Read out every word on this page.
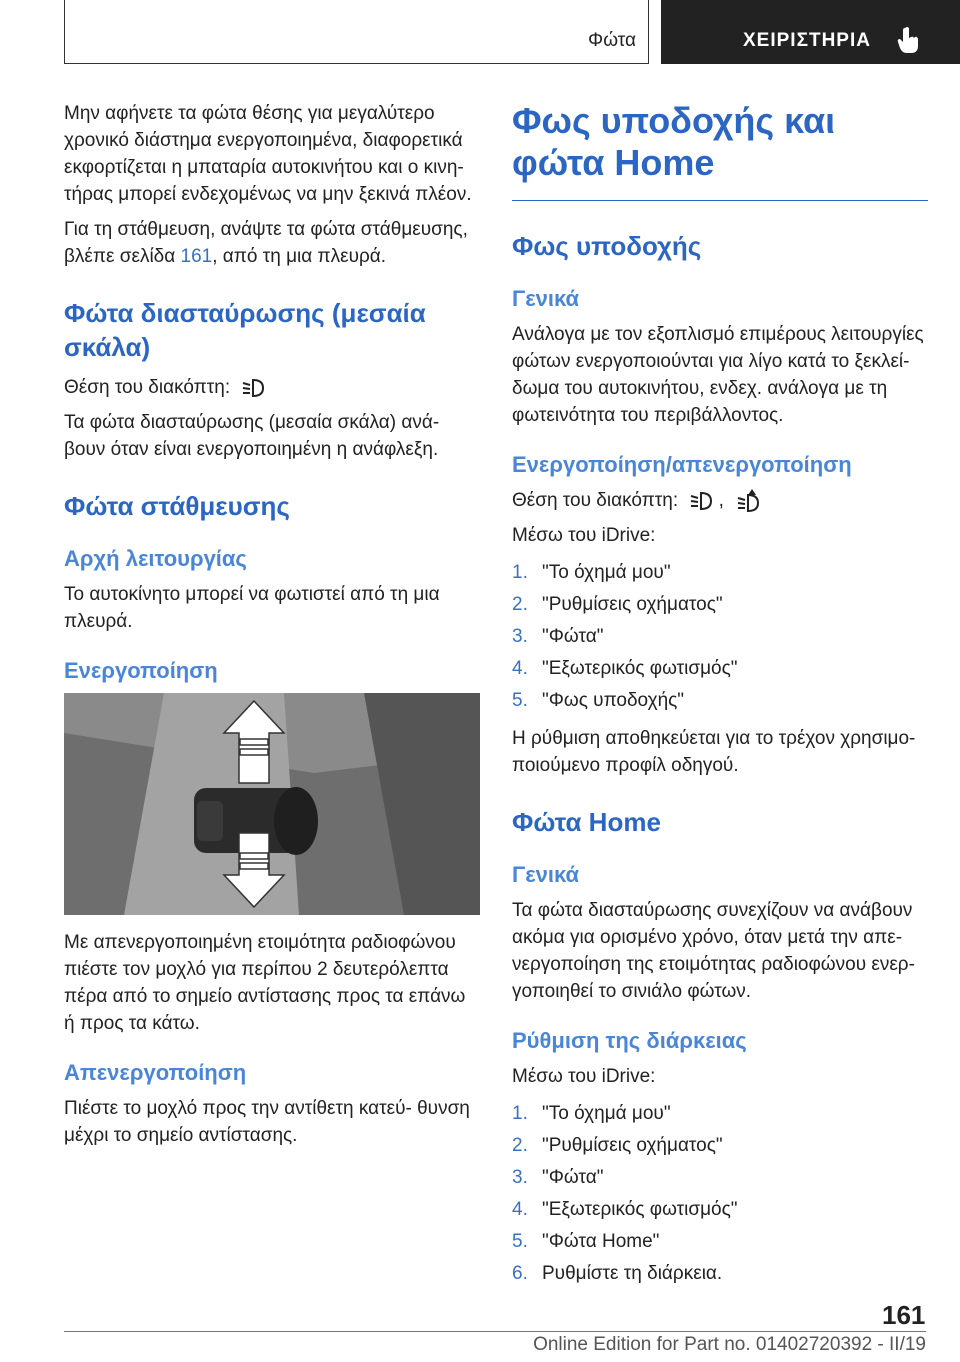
Φώτα	ΧΕΙΡΙΣΤΗΡΙΑ

Μην αφήνετε τα φώτα θέσης για μεγαλύτερο χρονικό διάστημα ενεργοποιημένα, διαφορετικά εκφορτίζεται η μπαταρία αυτοκινήτου και ο κινη- τήρας μπορεί ενδεχομένως να μην ξεκινά πλέον.

Για τη στάθμευση, ανάψτε τα φώτα στάθμευσης, βλέπε σελίδα 161, από τη μια πλευρά.

Φώτα διασταύρωσης (μεσαία σκάλα)

Θέση του διακόπτη:

Τα φώτα διασταύρωσης (μεσαία σκάλα) ανά- βουν όταν είναι ενεργοποιημένη η ανάφλεξη.

Φώτα στάθμευσης
Αρχή λειτουργίας

Το αυτοκίνητο μπορεί να φωτιστεί από τη μια πλευρά.

Ενεργοποίηση

Με απενεργοποιημένη ετοιμότητα ραδιοφώνου πιέστε τον μοχλό για περίπου 2 δευτερόλεπτα πέρα από το σημείο αντίστασης προς τα επάνω ή προς τα κάτω.

Απενεργοποίηση

Πιέστε το μοχλό προς την αντίθετη κατεύ- θυνση μέχρι το σημείο αντίστασης.

Φως υποδοχής και φώτα Home
Φως υποδοχής
Γενικά

Ανάλογα με τον εξοπλισμό επιμέρους λειτουργίες φώτων ενεργοποιούνται για λίγο κατά το ξεκλεί- δωμα του αυτοκινήτου, ενδεχ. ανάλογα με τη φωτεινότητα του περιβάλλοντος.

Ενεργοποίηση/απενεργοποίηση

Θέση του διακόπτη: ,

Μέσω του iDrive:

1. "Το όχημά μου"
2. "Ρυθμίσεις οχήματος"
3. "Φώτα"
4. "Εξωτερικός φωτισμός"
5. "Φως υποδοχής"

Η ρύθμιση αποθηκεύεται για το τρέχον χρησιμο- ποιούμενο προφίλ οδηγού.

Φώτα Home
Γενικά

Τα φώτα διασταύρωσης συνεχίζουν να ανάβουν ακόμα για ορισμένο χρόνο, όταν μετά την απε- νεργοποίηση της ετοιμότητας ραδιοφώνου ενερ- γοποιηθεί το σινιάλο φώτων.

Ρύθμιση της διάρκειας

Μέσω του iDrive:

1. "Το όχημά μου"
2. "Ρυθμίσεις οχήματος"
3. "Φώτα"
4. "Εξωτερικός φωτισμός"
5. "Φώτα Home"
6. Ρυθμίστε τη διάρκεια.
161
Online Edition for Part no. 01402720392 - II/19
